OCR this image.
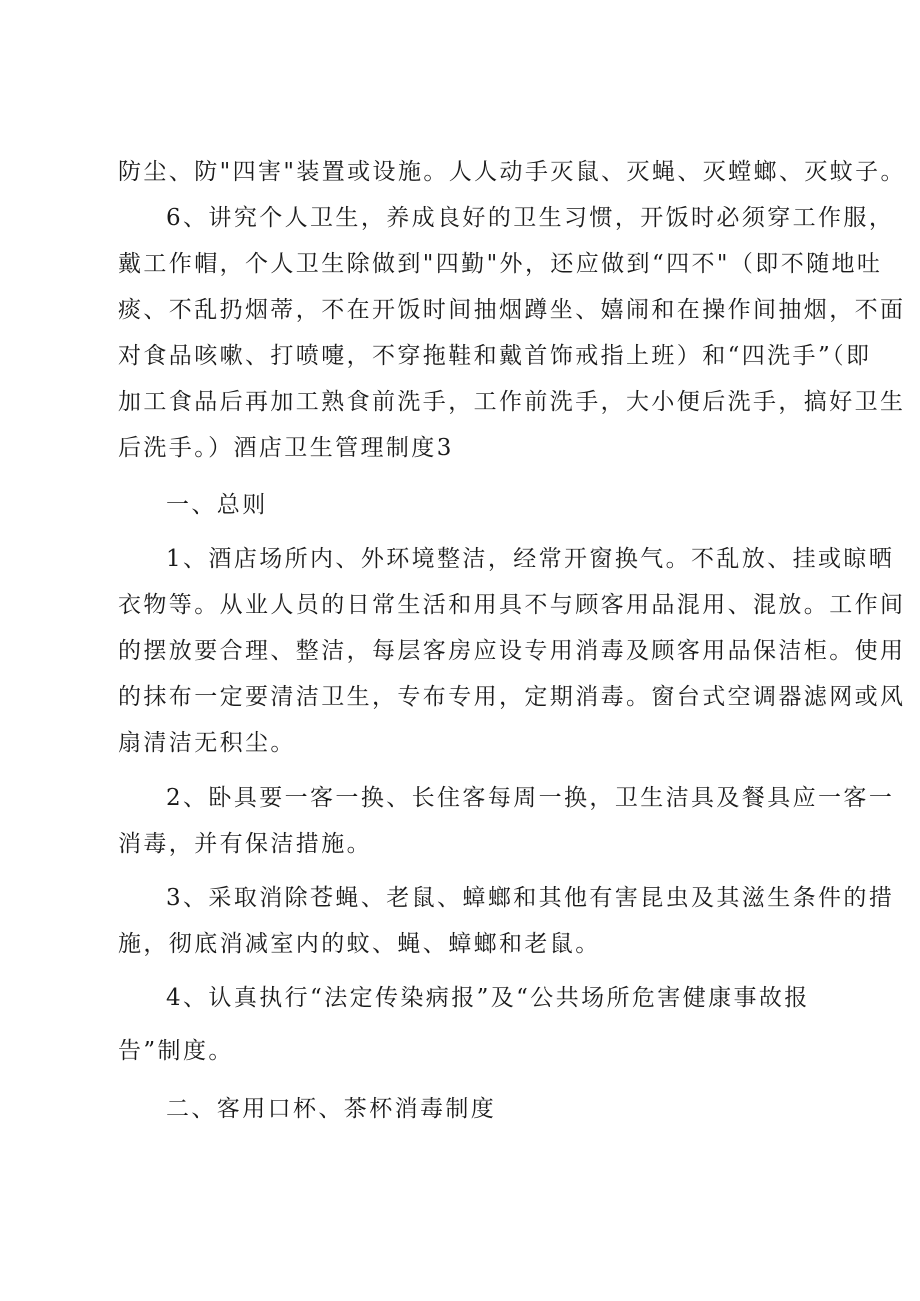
防尘、防"四害"装置或设施。人人动手灭鼠、灭蝇、灭螳螂、灭蚊子。
6、讲究个人卫生，养成良好的卫生习惯，开饭时必须穿工作服，
戴工作帽，个人卫生除做到"四勤"外，还应做到“四不"（即不随地吐
痰、不乱扔烟蒂，不在开饭时间抽烟蹲坐、嬉闹和在操作间抽烟，不面
对食品咳嗽、打喷嚏，不穿拖鞋和戴首饰戒指上班）和“四洗手”（即
加工食品后再加工熟食前洗手，工作前洗手，大小便后洗手，搞好卫生
后洗手。）酒店卫生管理制度3
一、总则
1、酒店场所内、外环境整洁，经常开窗换气。不乱放、挂或晾晒
衣物等。从业人员的日常生活和用具不与顾客用品混用、混放。工作间
的摆放要合理、整洁，每层客房应设专用消毒及顾客用品保洁柜。使用
的抹布一定要清洁卫生，专布专用，定期消毒。窗台式空调器滤网或风
扇清洁无积尘。
2、卧具要一客一换、长住客每周一换，卫生洁具及餐具应一客一
消毒，并有保洁措施。
3、采取消除苍蝇、老鼠、蟑螂和其他有害昆虫及其滋生条件的措
施，彻底消减室内的蚊、蝇、蟑螂和老鼠。
4、认真执行“法定传染病报”及“公共场所危害健康事故报
告”制度。
二、客用口杯、茶杯消毒制度
